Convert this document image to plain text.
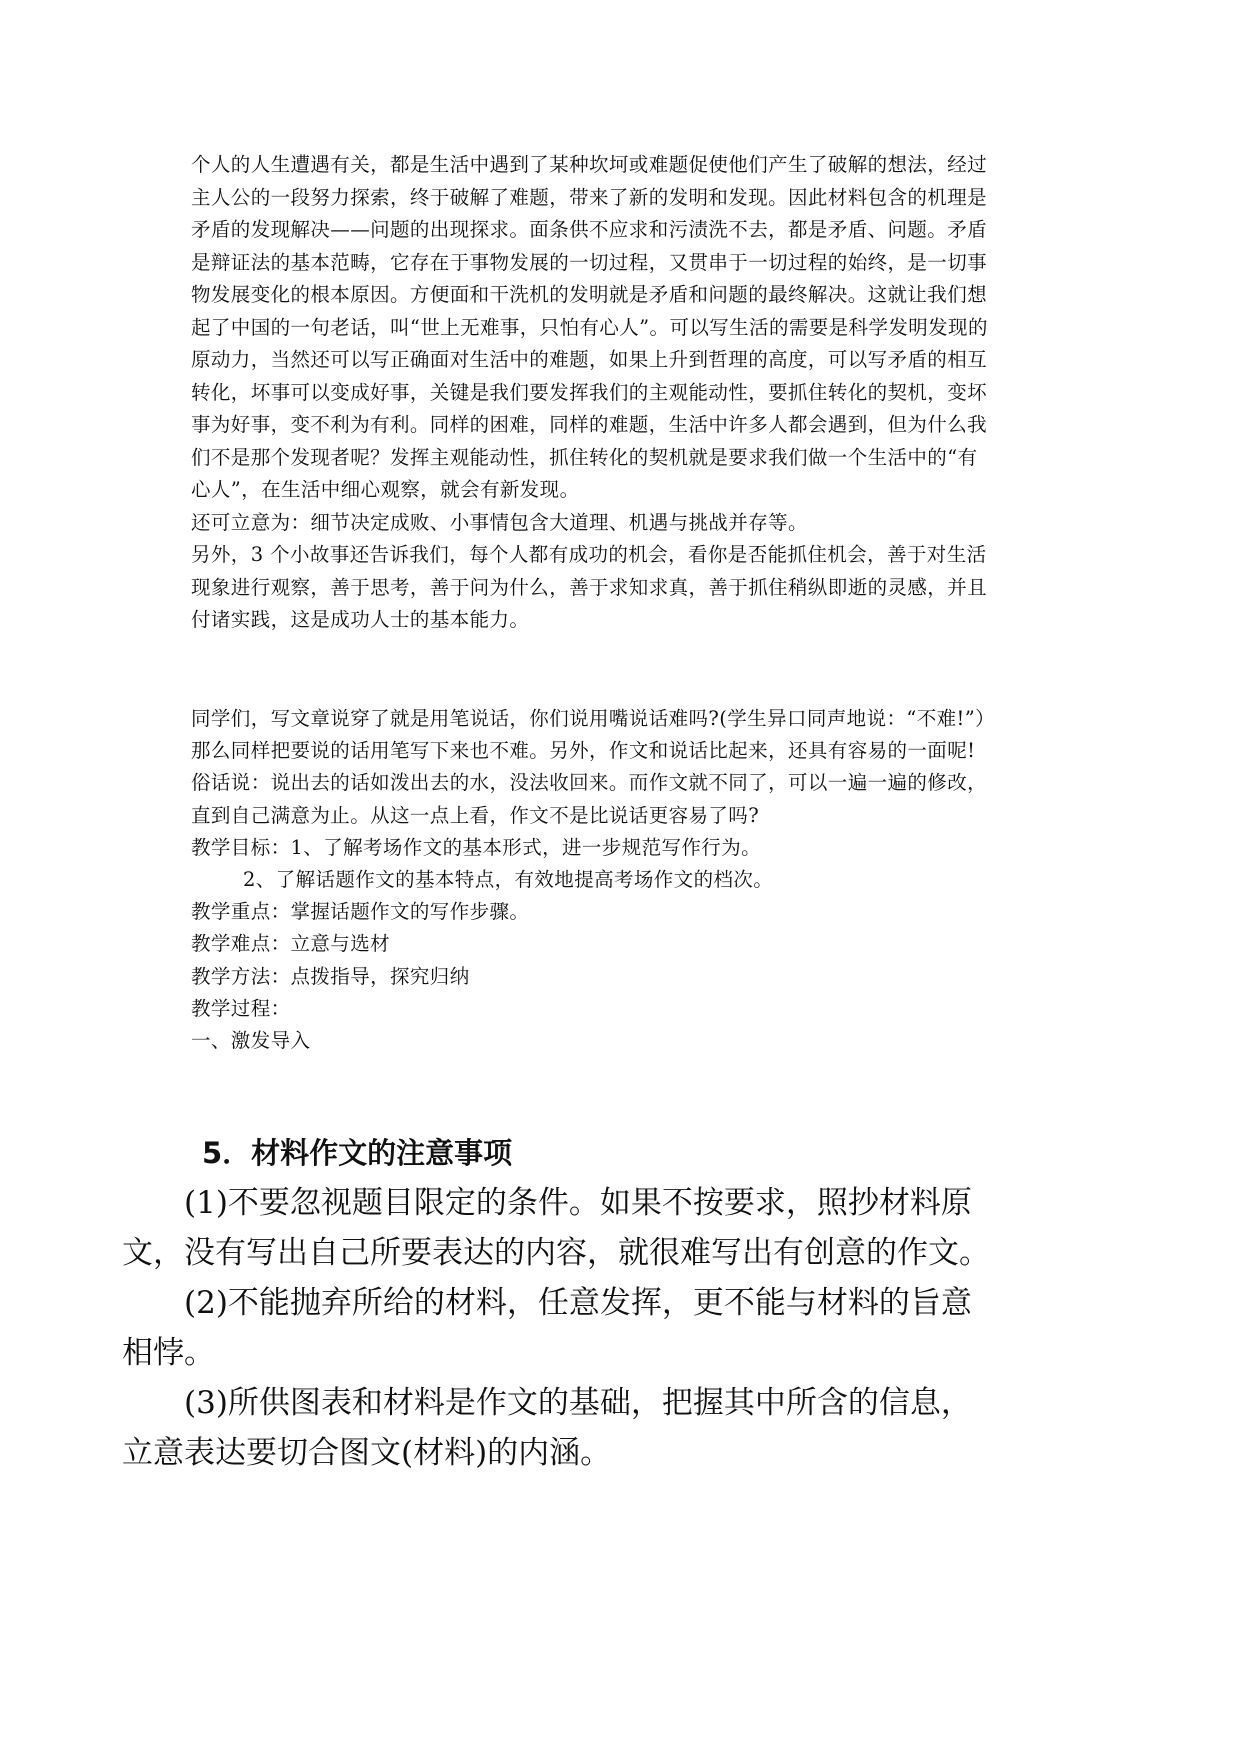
个人的人生遭遇有关，都是生活中遇到了某种坎坷或难题促使他们产生了破解的想法，经过

主人公的一段努力探索，终于破解了难题，带来了新的发明和发现。因此材料包含的机理是

矛盾的发现解决——问题的出现探求。面条供不应求和污渍洗不去，都是矛盾、问题。矛盾

是辩证法的基本范畴，它存在于事物发展的一切过程，又贯串于一切过程的始终，是一切事

物发展变化的根本原因。方便面和干洗机的发明就是矛盾和问题的最终解决。这就让我们想

起了中国的一句老话，叫“世上无难事，只怕有心人”。可以写生活的需要是科学发明发现的

原动力，当然还可以写正确面对生活中的难题，如果上升到哲理的高度，可以写矛盾的相互

转化，坏事可以变成好事，关键是我们要发挥我们的主观能动性，要抓住转化的契机，变坏

事为好事，变不利为有利。同样的困难，同样的难题，生活中许多人都会遇到，但为什么我

们不是那个发现者呢？发挥主观能动性，抓住转化的契机就是要求我们做一个生活中的“有

心人”，在生活中细心观察，就会有新发现。

还可立意为：细节决定成败、小事情包含大道理、机遇与挑战并存等。

另外，3 个小故事还告诉我们，每个人都有成功的机会，看你是否能抓住机会，善于对生活

现象进行观察，善于思考，善于问为什么，善于求知求真，善于抓住稍纵即逝的灵感，并且

付诸实践，这是成功人士的基本能力。

同学们，写文章说穿了就是用笔说话，你们说用嘴说话难吗?(学生异口同声地说：“不难!”）

那么同样把要说的话用笔写下来也不难。另外，作文和说话比起来，还具有容易的一面呢!

俗话说：说出去的话如泼出去的水，没法收回来。而作文就不同了，可以一遍一遍的修改，

直到自己满意为止。从这一点上看，作文不是比说话更容易了吗?

教学目标：1、了解考场作文的基本形式，进一步规范写作行为。

2、了解话题作文的基本特点，有效地提高考场作文的档次。

教学重点：掌握话题作文的写作步骤。

教学难点：立意与选材

教学方法：点拨指导，探究归纳

教学过程：

一、激发导入

5．材料作文的注意事项

(1)不要忽视题目限定的条件。如果不按要求，照抄材料原

文，没有写出自己所要表达的内容，就很难写出有创意的作文。

(2)不能抛弃所给的材料，任意发挥，更不能与材料的旨意

相悖。

(3)所供图表和材料是作文的基础，把握其中所含的信息，

立意表达要切合图文(材料)的内涵。
